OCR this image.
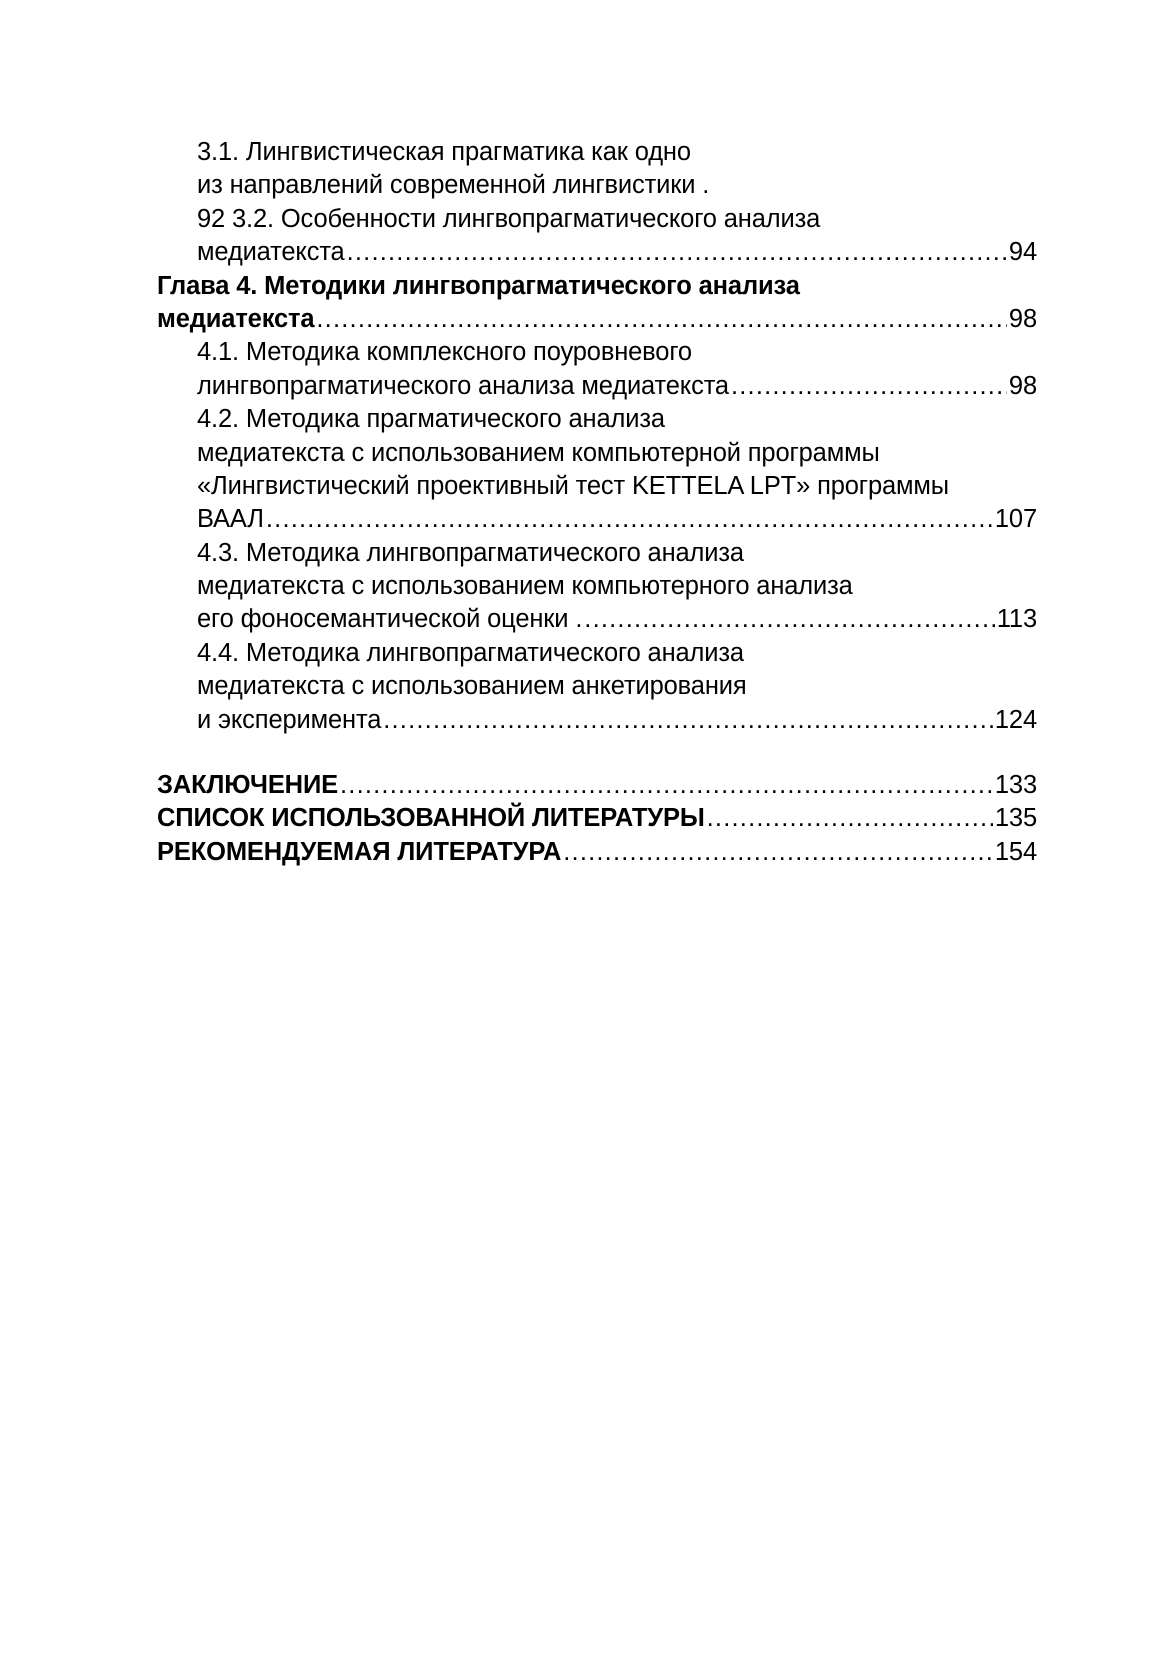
3.1. Лингвистическая прагматика как одно
из направлений современной лингвистики .
92 3.2. Особенности лингвопрагматического анализа
медиатекста .....	94
Глава 4. Методики лингвопрагматического анализа
медиатекста .....	98
4.1. Методика комплексного поуровневого
лингвопрагматического анализа медиатекста .....	98
4.2. Методика прагматического анализа
медиатекста с использованием компьютерной программы
«Лингвистический проективный тест KETTELA LPT» программы
ВААЛ .....	107
4.3. Методика лингвопрагматического анализа
медиатекста с использованием компьютерного анализа
его фоносемантической оценки . .....	113
4.4. Методика лингвопрагматического анализа
медиатекста с использованием анкетирования
и эксперимента .....	124
ЗАКЛЮЧЕНИЕ .....	133
СПИСОК ИСПОЛЬЗОВАННОЙ ЛИТЕРАТУРЫ .....	135
РЕКОМЕНДУЕМАЯ ЛИТЕРАТУРА .....	154
